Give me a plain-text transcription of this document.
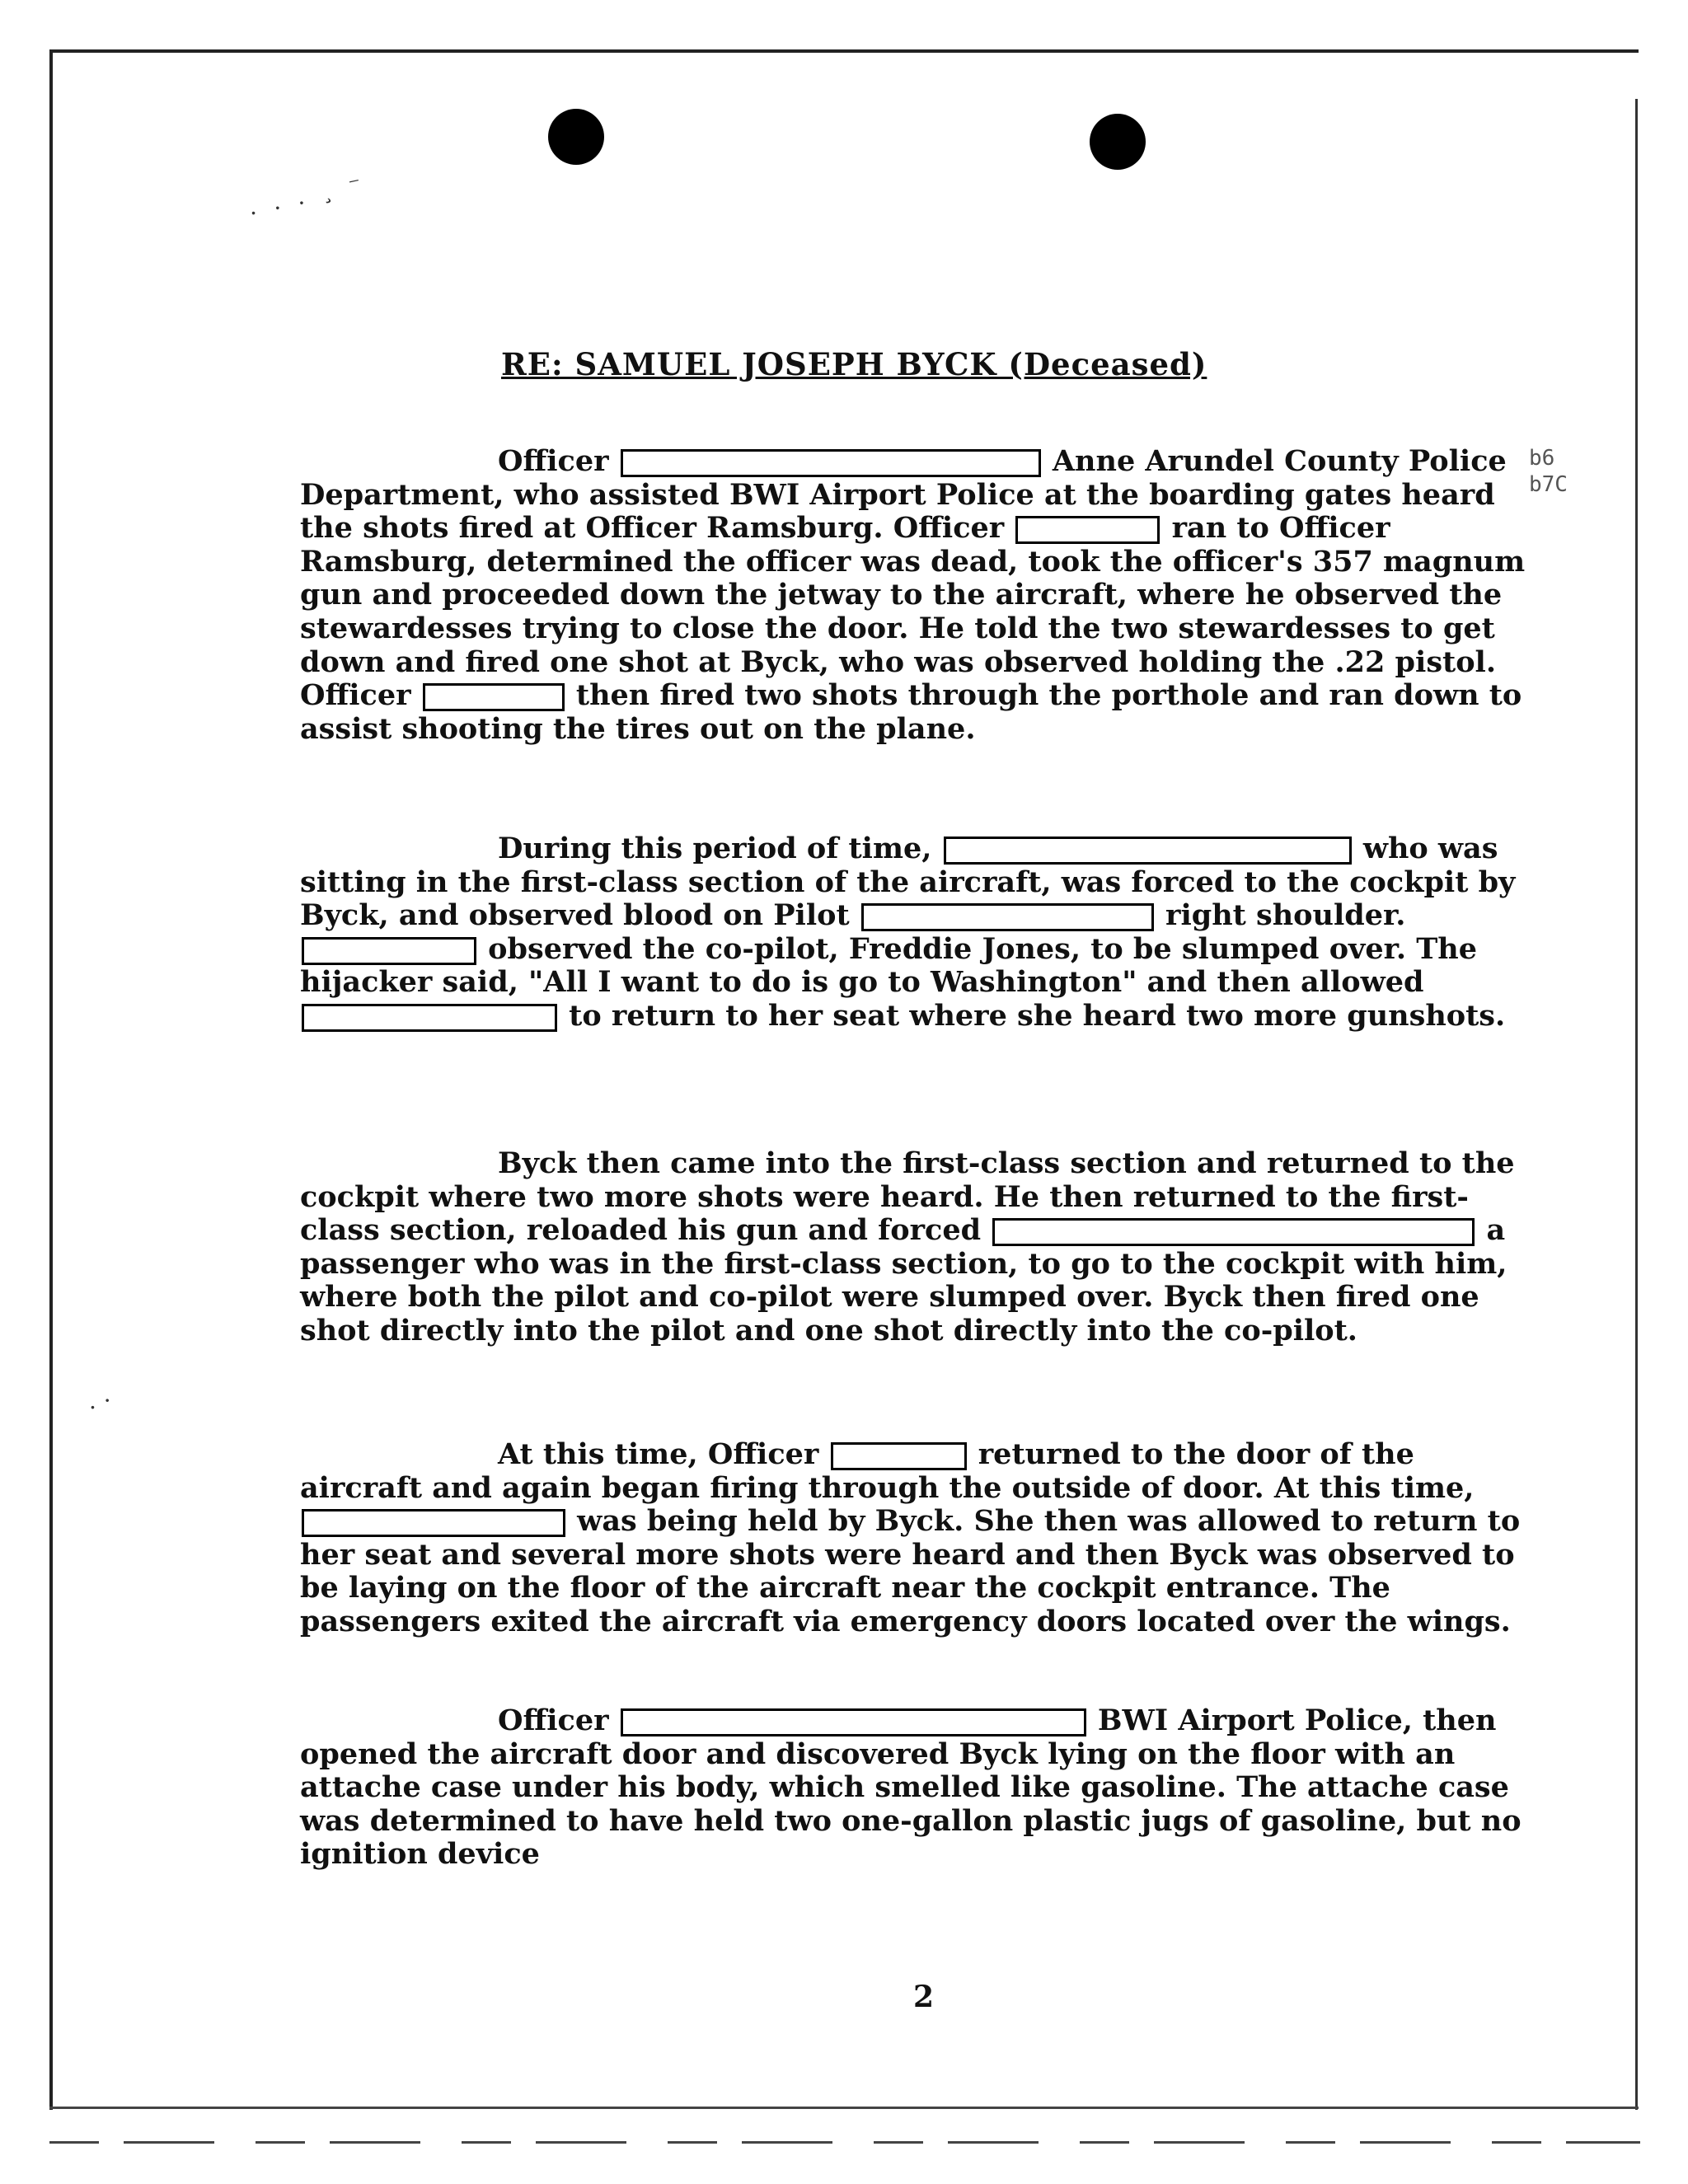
. . . ¸ ⁻
. ·
RE: SAMUEL JOSEPH BYCK (Deceased)
b6
b7C
Officer	Anne Arundel County Police Department, who assisted BWI Airport Police at the boarding gates heard the shots fired at Officer Ramsburg. Officer	ran to Officer Ramsburg, determined the officer was dead, took the officer's 357 magnum gun and proceeded down the jetway to the aircraft, where he observed the stewardesses trying to close the door. He told the two stewardesses to get down and fired one shot at Byck, who was observed holding the .22 pistol. Officer	then fired two shots through the porthole and ran down to assist shooting the tires out on the plane.
During this period of time,	who was sitting in the first-class section of the aircraft, was forced to the cockpit by Byck, and observed blood on Pilot	right shoulder.  observed the co-pilot, Freddie Jones, to be slumped over. The hijacker said, "All I want to do is go to Washington" and then allowed  to return to her seat where she heard two more gunshots.
Byck then came into the first-class section and returned to the cockpit where two more shots were heard. He then returned to the first-class section, reloaded his gun and forced	a passenger who was in the first-class section, to go to the cockpit with him, where both the pilot and co-pilot were slumped over. Byck then fired one shot directly into the pilot and one shot directly into the co-pilot.
At this time, Officer	returned to the door of the aircraft and again began firing through the outside of door. At this time,  was being held by Byck. She then was allowed to return to her seat and several more shots were heard and then Byck was observed to be laying on the floor of the aircraft near the cockpit entrance. The passengers exited the aircraft via emergency doors located over the wings.
Officer	BWI Airport Police, then opened the aircraft door and discovered Byck lying on the floor with an attache case under his body, which smelled like gasoline. The attache case was determined to have held two one-gallon plastic jugs of gasoline, but no ignition device
2
